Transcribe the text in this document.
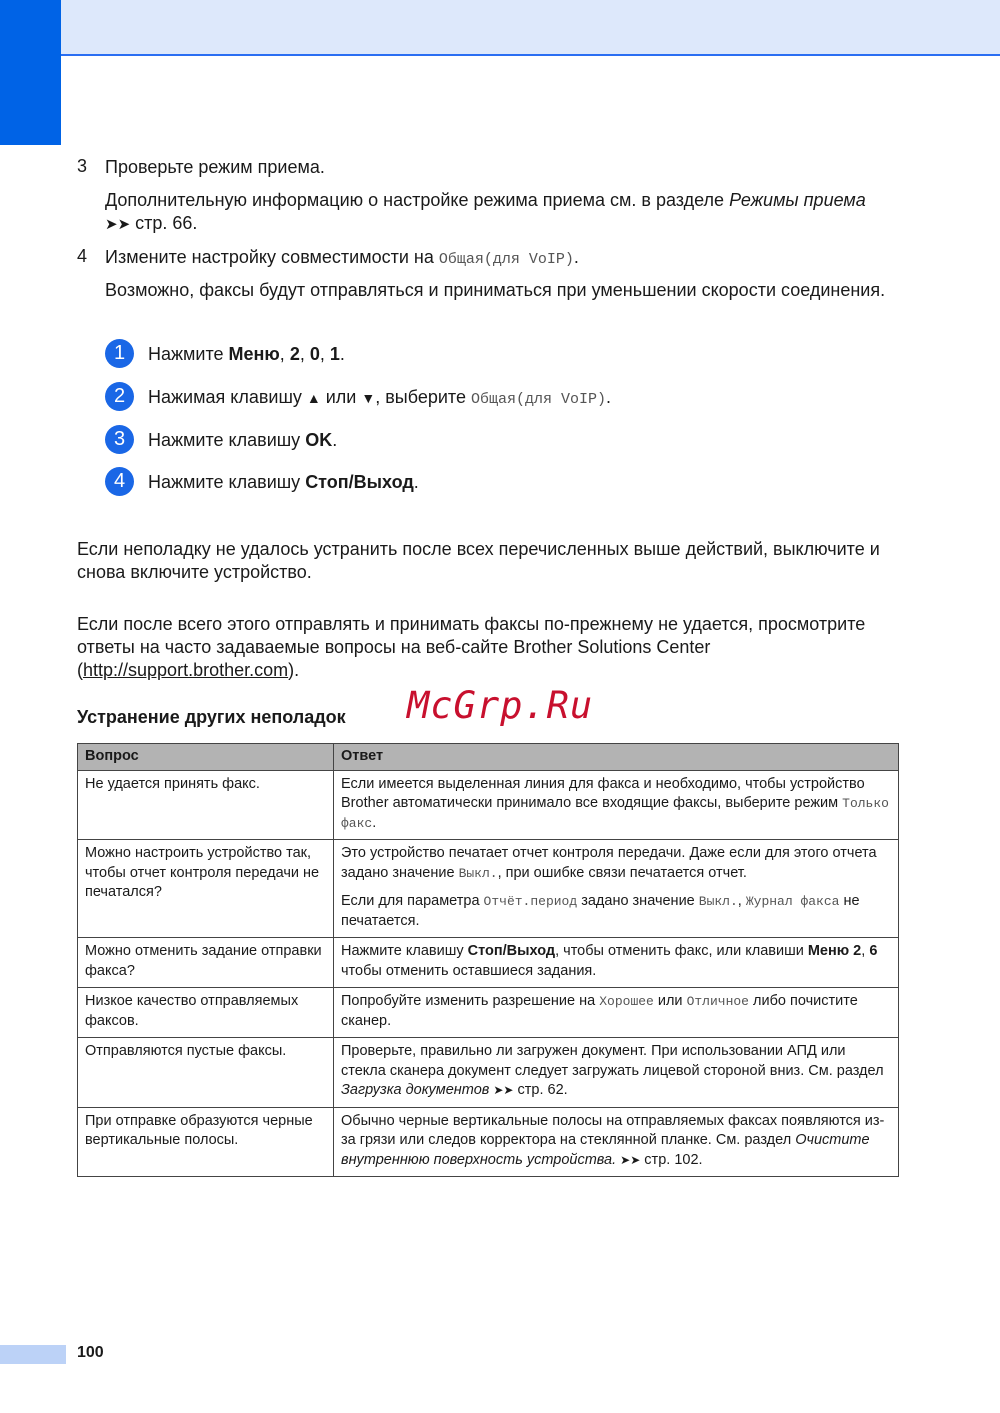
3 Проверьте режим приема.
Дополнительную информацию о настройке режима приема см. в разделе Режимы приема ➤➤ стр. 66.
4 Измените настройку совместимости на Общая(для VoIP).
Возможно, факсы будут отправляться и приниматься при уменьшении скорости соединения.
1	Нажмите Меню, 2, 0, 1.
2	Нажимая клавишу ▲ или ▼, выберите Общая(для VoIP).
3	Нажмите клавишу OK.
4	Нажмите клавишу Стоп/Выход.
Если неполадку не удалось устранить после всех перечисленных выше действий, выключите и снова включите устройство.
Если после всего этого отправлять и принимать факсы по-прежнему не удается, просмотрите ответы на часто задаваемые вопросы на веб-сайте Brother Solutions Center (http://support.brother.com).
Устранение других неполадок McGrp.Ru
Вопрос	Ответ
Не удается принять факс.	Если имеется выделенная линия для факса и необходимо, чтобы устройство Brother автоматически принимало все входящие факсы, выберите режим Только факс.
Можно настроить устройство так, чтобы отчет контроля передачи не печатался?	Это устройство печатает отчет контроля передачи. Даже если для этого отчета задано значение Выкл., при ошибке связи печатается отчет.
Если для параметра Отчёт.период задано значение Выкл., Журнал факса не печатается.

Можно отменить задание отправки факса?	Нажмите клавишу Стоп/Выход, чтобы отменить факс, или клавиши Меню 2, 6 чтобы отменить оставшиеся задания.
Низкое качество отправляемых факсов.	Попробуйте изменить разрешение на Хорошее или Отличное либо почистите сканер.
Отправляются пустые факсы.	Проверьте, правильно ли загружен документ. При использовании АПД или стекла сканера документ следует загружать лицевой стороной вниз. См. раздел Загрузка документов ➤➤ стр. 62.
При отправке образуются черные вертикальные полосы.	Обычно черные вертикальные полосы на отправляемых факсах появляются из-за грязи или следов корректора на стеклянной планке. См. раздел Очистите внутреннюю поверхность устройства. ➤➤ стр. 102.
100
